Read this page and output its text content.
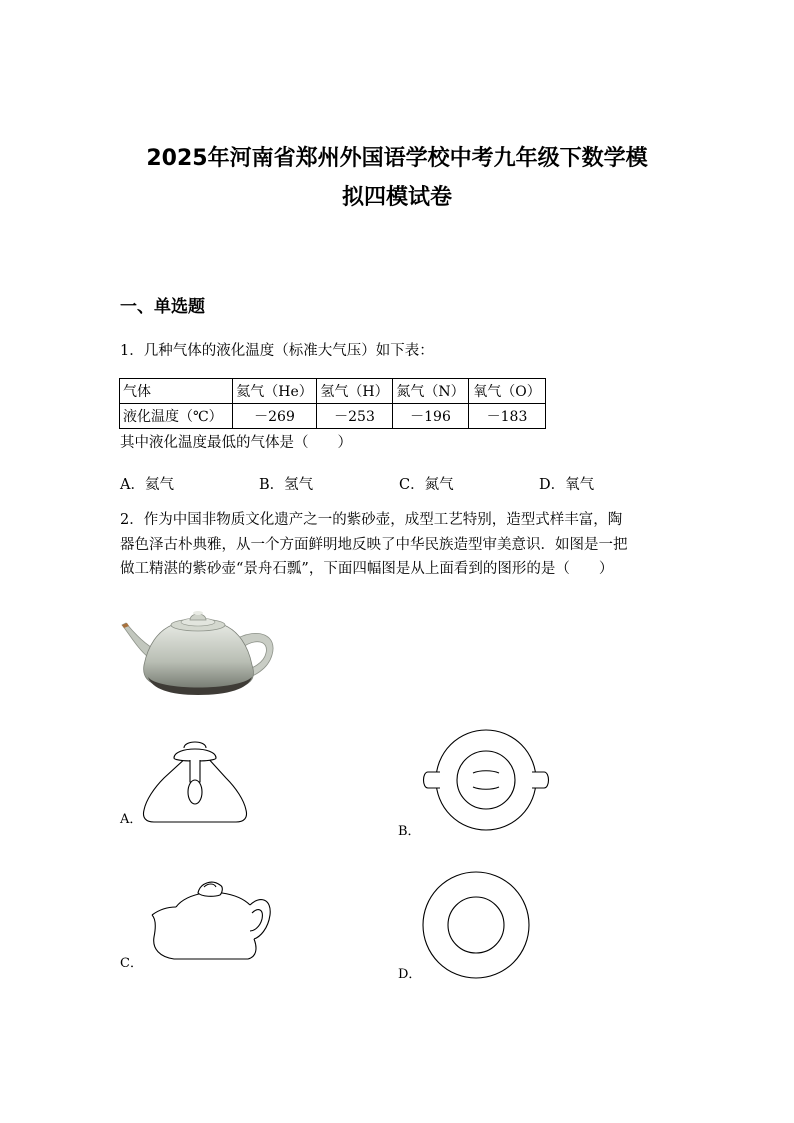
2025年河南省郑州外国语学校中考九年级下数学模
拟四模试卷
一、单选题
1．几种气体的液化温度（标准大气压）如下表：
气体	氦气（He）	氢气（H）	氮气（N）	氧气（O）
液化温度（℃）	－269	－253	－196	－183
其中液化温度最低的气体是（　　）
A．氦气	B．氢气	C．氮气	D．氧气
2．作为中国非物质文化遗产之一的紫砂壶，成型工艺特别，造型式样丰富，陶
器色泽古朴典雅，从一个方面鲜明地反映了中华民族造型审美意识．如图是一把
做工精湛的紫砂壶“景舟石瓢”，下面四幅图是从上面看到的图形的是（　　）
A．
B．
C．
D．
